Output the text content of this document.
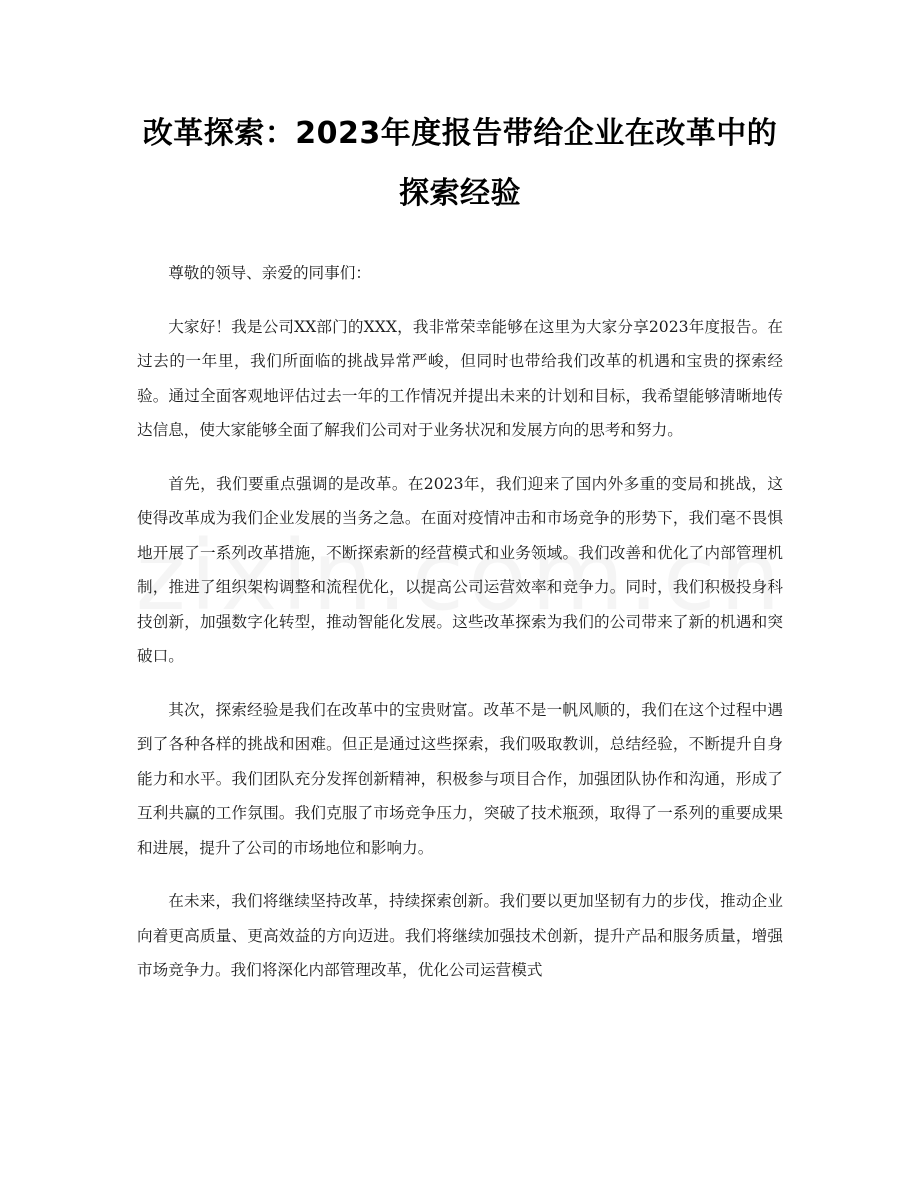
改革探索：2023年度报告带给企业在改革中的探索经验

尊敬的领导、亲爱的同事们：

大家好！我是公司XX部门的XXX，我非常荣幸能够在这里为大家分享2023年度报告。在过去的一年里，我们所面临的挑战异常严峻，但同时也带给我们改革的机遇和宝贵的探索经验。通过全面客观地评估过去一年的工作情况并提出未来的计划和目标，我希望能够清晰地传达信息，使大家能够全面了解我们公司对于业务状况和发展方向的思考和努力。

首先，我们要重点强调的是改革。在2023年，我们迎来了国内外多重的变局和挑战，这使得改革成为我们企业发展的当务之急。在面对疫情冲击和市场竞争的形势下，我们毫不畏惧地开展了一系列改革措施，不断探索新的经营模式和业务领域。我们改善和优化了内部管理机制，推进了组织架构调整和流程优化，以提高公司运营效率和竞争力。同时，我们积极投身科技创新，加强数字化转型，推动智能化发展。这些改革探索为我们的公司带来了新的机遇和突破口。

其次，探索经验是我们在改革中的宝贵财富。改革不是一帆风顺的，我们在这个过程中遇到了各种各样的挑战和困难。但正是通过这些探索，我们吸取教训，总结经验，不断提升自身能力和水平。我们团队充分发挥创新精神，积极参与项目合作，加强团队协作和沟通，形成了互利共赢的工作氛围。我们克服了市场竞争压力，突破了技术瓶颈，取得了一系列的重要成果和进展，提升了公司的市场地位和影响力。

在未来，我们将继续坚持改革，持续探索创新。我们要以更加坚韧有力的步伐，推动企业向着更高质量、更高效益的方向迈进。我们将继续加强技术创新，提升产品和服务质量，增强市场竞争力。我们将深化内部管理改革，优化公司运营模式
